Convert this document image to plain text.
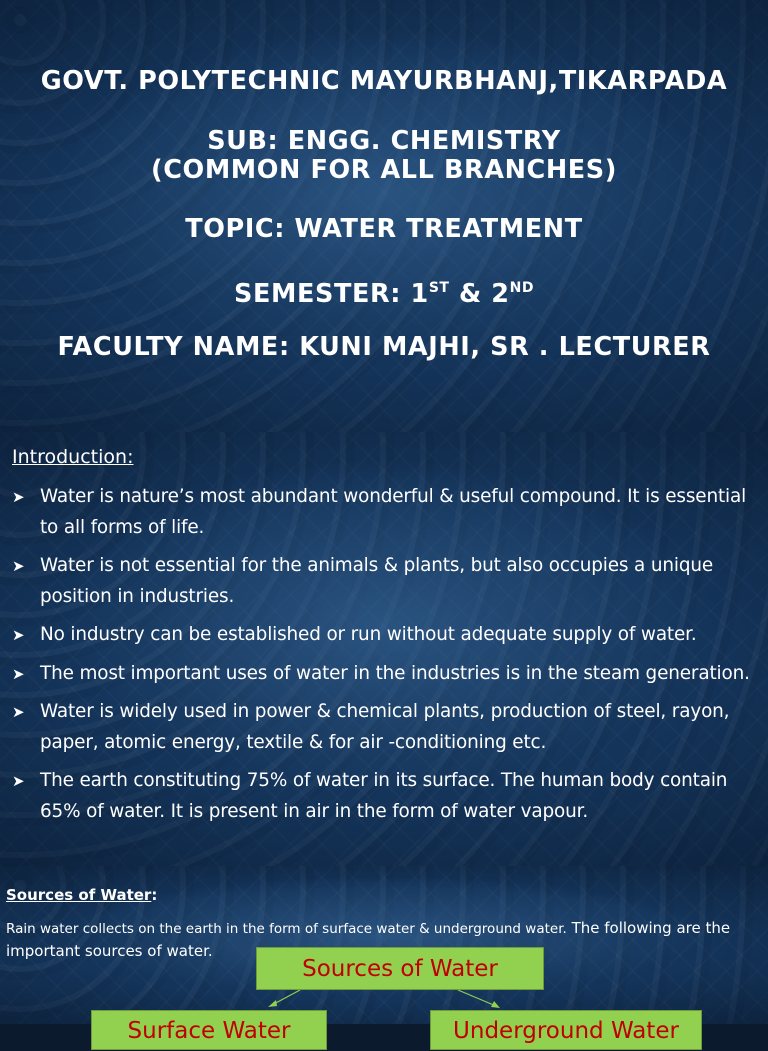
GOVT. POLYTECHNIC MAYURBHANJ,TIKARPADA
SUB: ENGG. CHEMISTRY
(COMMON FOR ALL BRANCHES)
TOPIC: WATER TREATMENT
SEMESTER: 1ST & 2ND
FACULTY NAME: KUNI MAJHI, SR . LECTURER
Introduction:
➤ Water is nature’s most abundant wonderful & useful compound. It is essential to all forms of life.
➤ Water is not essential for the animals & plants, but also occupies a unique position in industries.
➤ No industry can be established or run without adequate supply of water.
➤ The most important uses of water in the industries is in the steam generation.
➤ Water is widely used in power & chemical plants, production of steel, rayon, paper, atomic energy, textile & for air -conditioning etc.
➤ The earth constituting 75% of water in its surface. The human body contain 65% of water. It is present in air in the form of water vapour.
Sources of Water:
Rain water collects on the earth in the form of surface water & underground water. The following are the important sources of water.
Sources of Water
Surface Water	Underground Water
